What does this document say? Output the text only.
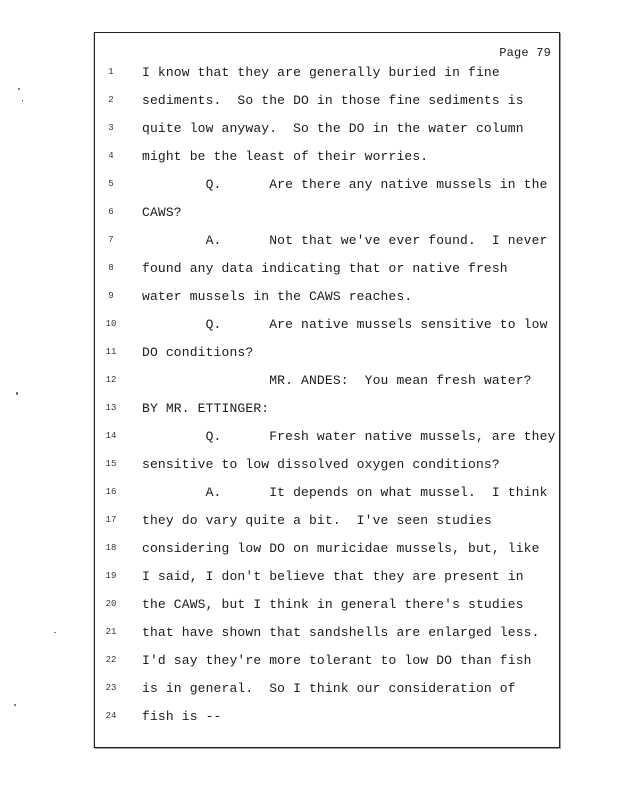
Page 79
1	I know that they are generally buried in fine
2	sediments.  So the DO in those fine sediments is
3	quite low anyway.  So the DO in the water column
4	might be the least of their worries.
5	Q.      Are there any native mussels in the
6	CAWS?
7	A.      Not that we've ever found.  I never
8	found any data indicating that or native fresh
9	water mussels in the CAWS reaches.
10	Q.      Are native mussels sensitive to low
11	DO conditions?
12	MR. ANDES:  You mean fresh water?
13	BY MR. ETTINGER:
14	Q.      Fresh water native mussels, are they
15	sensitive to low dissolved oxygen conditions?
16	A.      It depends on what mussel.  I think
17	they do vary quite a bit.  I've seen studies
18	considering low DO on muricidae mussels, but, like
19	I said, I don't believe that they are present in
20	the CAWS, but I think in general there's studies
21	that have shown that sandshells are enlarged less.
22	I'd say they're more tolerant to low DO than fish
23	is in general.  So I think our consideration of
24	fish is --
